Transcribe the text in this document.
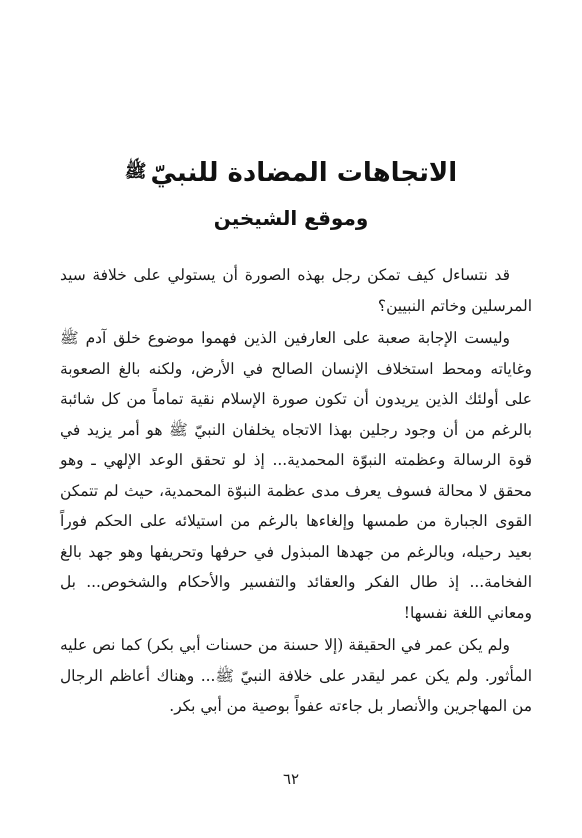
الاتجاهات المضادة للنبيّﷺ
وموقع الشيخين

قد نتساءل كيف تمكن رجل بهذه الصورة أن يستولي على خلافة سيد المرسلين وخاتم النبيين؟

وليست الإجابة صعبة على العارفين الذين فهموا موضوع خلق آدم ﷺ وغاياته ومحط استخلاف الإنسان الصالح في الأرض، ولكنه بالغ الصعوبة على أولئك الذين يريدون أن تكون صورة الإسلام نقية تماماً من كل شائبة بالرغم من أن وجود رجلين بهذا الاتجاه يخلفان النبيّ ﷺ هو أمر يزيد في قوة الرسالة وعظمته النبوّة المحمدية... إذ لو تحقق الوعد الإلهي ـ وهو محقق لا محالة فسوف يعرف مدى عظمة النبوّة المحمدية، حيث لم تتمكن القوى الجبارة من طمسها وإلغاءها بالرغم من استيلائه على الحكم فوراً بعيد رحيله، وبالرغم من جهدها المبذول في حرفها وتحريفها وهو جهد بالغ الفخامة... إذ طال الفكر والعقائد والتفسير والأحكام والشخوص... بل ومعاني اللغة نفسها!

ولم يكن عمر في الحقيقة (إلا حسنة من حسنات أبي بكر) كما نص عليه المأثور. ولم يكن عمر ليقدر على خلافة النبيّ ﷺ... وهناك أعاظم الرجال من المهاجرين والأنصار بل جاءته عفواً بوصية من أبي بكر.

٦٢
